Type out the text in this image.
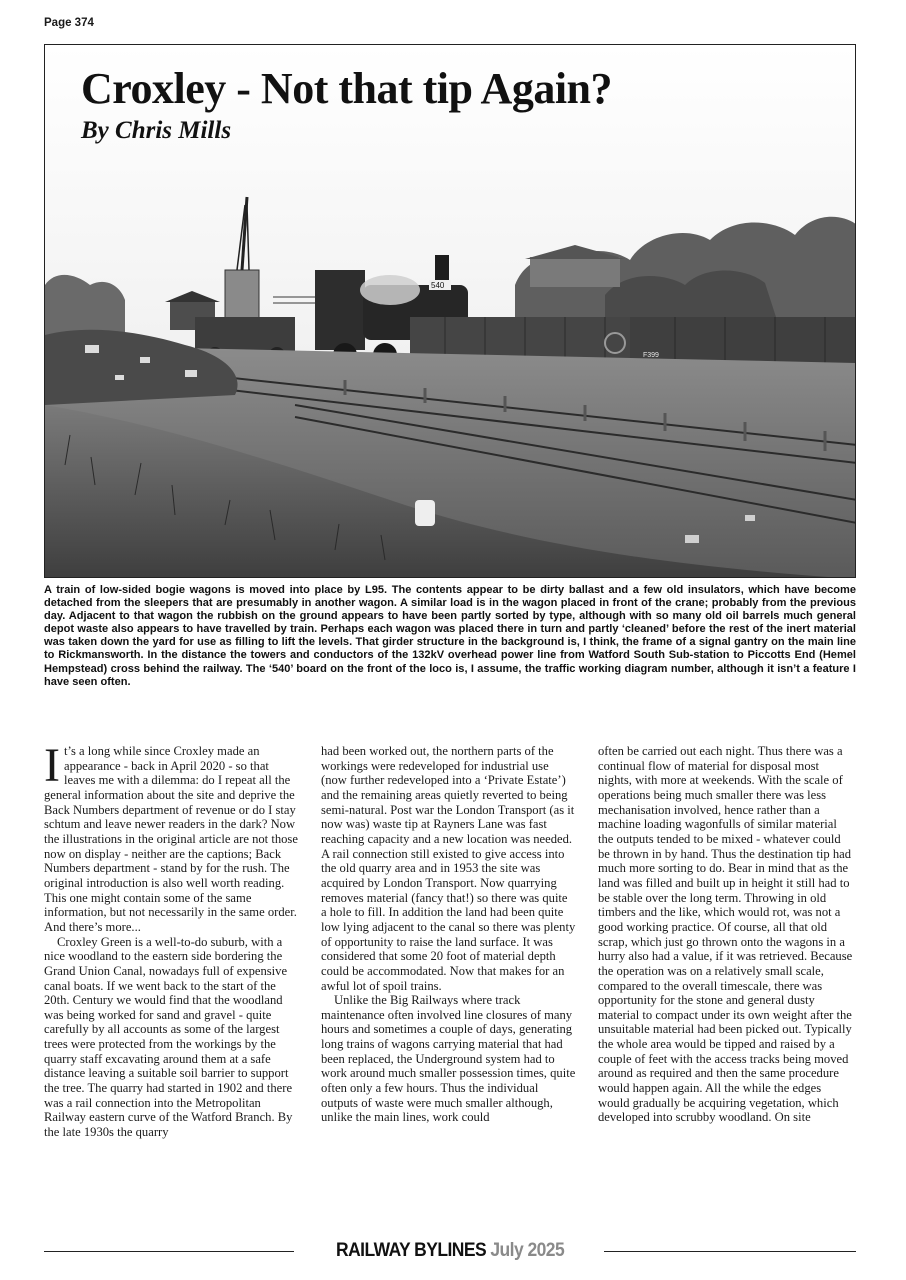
Page 374
540
F399
Croxley - Not that tip Again?
By Chris Mills

A train of low-sided bogie wagons is moved into place by L95. The contents appear to be dirty ballast and a few old insulators, which have become detached from the sleepers that are presumably in another wagon. A similar load is in the wagon placed in front of the crane; probably from the previous day. Adjacent to that wagon the rubbish on the ground appears to have been partly sorted by type, although with so many old oil barrels much general depot waste also appears to have travelled by train. Perhaps each wagon was placed there in turn and partly ‘cleaned’ before the rest of the inert material was taken down the yard for use as filling to lift the levels. That girder structure in the background is, I think, the frame of a signal gantry on the main line to Rickmansworth. In the distance the towers and conductors of the 132kV overhead power line from Watford South Sub-station to Piccotts End (Hemel Hempstead) cross behind the railway. The ‘540’ board on the front of the loco is, I assume, the traffic working diagram number, although it isn’t a feature I have seen often.

It’s a long while since Croxley made an appearance - back in April 2020 - so that leaves me with a dilemma: do I repeat all the general information about the site and deprive the Back Numbers department of revenue or do I stay schtum and leave newer readers in the dark? Now the illustrations in the original article are not those now on display - neither are the captions; Back Numbers department - stand by for the rush. The original introduction is also well worth reading. This one might contain some of the same information, but not necessarily in the same order. And there’s more...

Croxley Green is a well-to-do suburb, with a nice woodland to the eastern side bordering the Grand Union Canal, nowadays full of expensive canal boats. If we went back to the start of the 20th. Century we would find that the woodland was being worked for sand and gravel - quite carefully by all accounts as some of the largest trees were protected from the workings by the quarry staff excavating around them at a safe distance leaving a suitable soil barrier to support the tree. The quarry had started in 1902 and there was a rail connection into the Metropolitan Railway eastern curve of the Watford Branch. By the late 1930s the quarry

had been worked out, the northern parts of the workings were redeveloped for industrial use (now further redeveloped into a ‘Private Estate’) and the remaining areas quietly reverted to being semi-natural. Post war the London Transport (as it now was) waste tip at Rayners Lane was fast reaching capacity and a new location was needed. A rail connection still existed to give access into the old quarry area and in 1953 the site was acquired by London Transport. Now quarrying removes material (fancy that!) so there was quite a hole to fill. In addition the land had been quite low lying adjacent to the canal so there was plenty of opportunity to raise the land surface. It was considered that some 20 foot of material depth could be accommodated. Now that makes for an awful lot of spoil trains.

Unlike the Big Railways where track maintenance often involved line closures of many hours and sometimes a couple of days, generating long trains of wagons carrying material that had been replaced, the Underground system had to work around much smaller possession times, quite often only a few hours. Thus the individual outputs of waste were much smaller although, unlike the main lines, work could

often be carried out each night. Thus there was a continual flow of material for disposal most nights, with more at weekends. With the scale of operations being much smaller there was less mechanisation involved, hence rather than a machine loading wagonfulls of similar material the outputs tended to be mixed - whatever could be thrown in by hand. Thus the destination tip had much more sorting to do. Bear in mind that as the land was filled and built up in height it still had to be stable over the long term. Throwing in old timbers and the like, which would rot, was not a good working practice. Of course, all that old scrap, which just go thrown onto the wagons in a hurry also had a value, if it was retrieved. Because the operation was on a relatively small scale, compared to the overall timescale, there was opportunity for the stone and general dusty material to compact under its own weight after the unsuitable material had been picked out. Typically the whole area would be tipped and raised by a couple of feet with the access tracks being moved around as required and then the same procedure would happen again. All the while the edges would gradually be acquiring vegetation, which developed into scrubby woodland. On site

RAILWAY BYLINES July 2025
